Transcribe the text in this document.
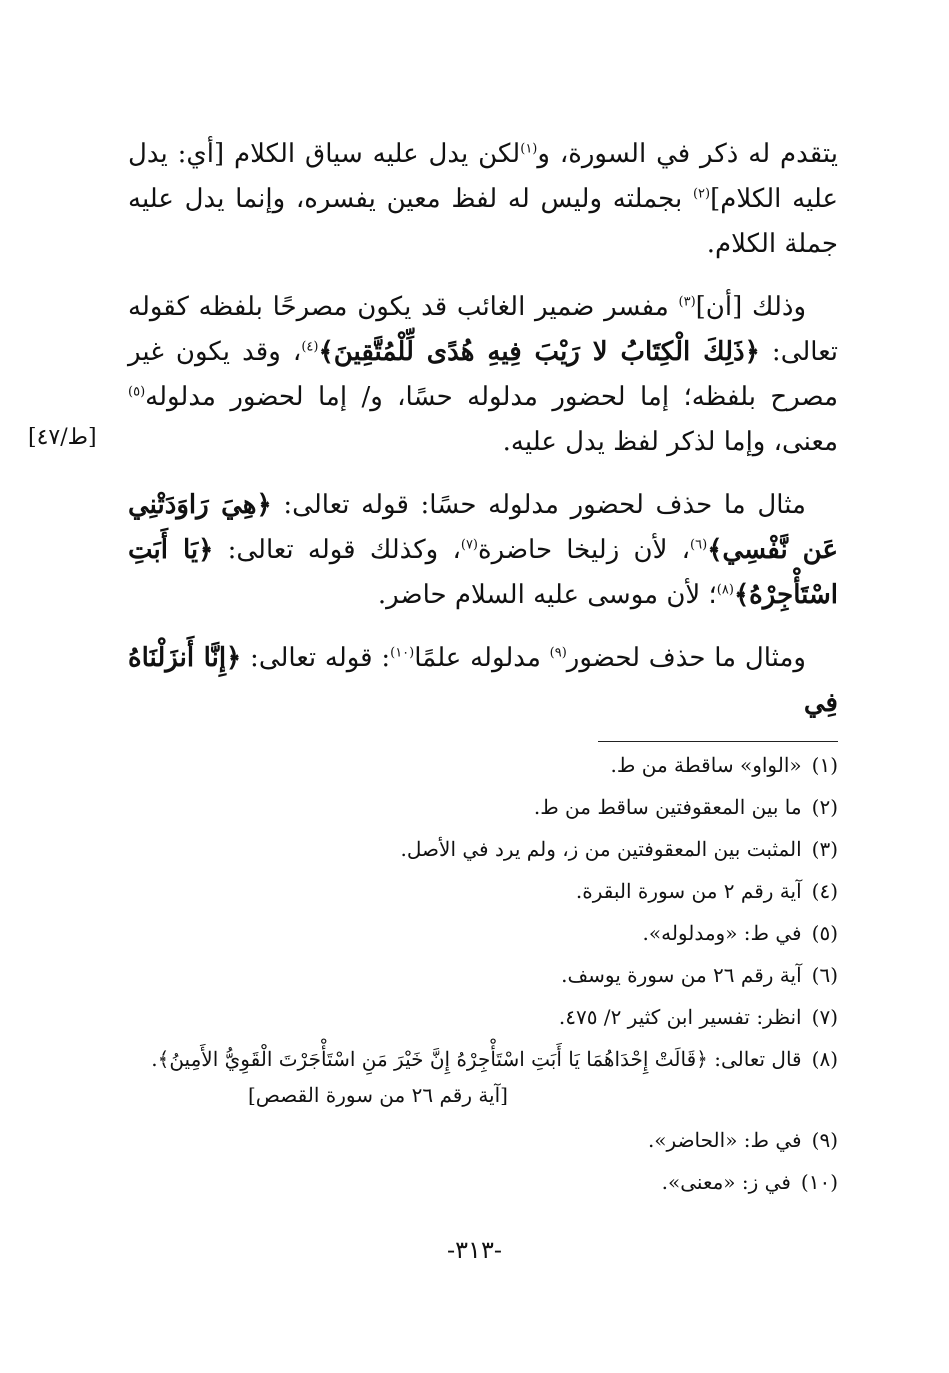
يتقدم له ذكر في السورة، و$^{(١)}$لكن يدل عليه سياق الكلام [أي: يدل عليه الكلام]$^{(٢)}$ بجملته وليس له لفظ معين يفسره، وإنما يدل عليه جملة الكلام.

وذلك [أن]$^{(٣)}$ مفسر ضمير الغائب قد يكون مصرحًا بلفظه كقوله تعالى: ﴿ذَلِكَ الْكِتَابُ لا رَيْبَ فِيهِ هُدًى لِّلْمُتَّقِينَ﴾$^{(٤)}$، وقد يكون غير مصرح بلفظه؛ إما لحضور مدلوله حسًا، و/ إما لحضور مدلوله$^{(٥)}$ معنى، وإما لذكر لفظ يدل عليه.

مثال ما حذف لحضور مدلوله حسًا: قوله تعالى: ﴿هِيَ رَاوَدَتْنِي عَن نَّفْسِي﴾$^{(٦)}$، لأن زليخا حاضرة$^{(٧)}$، وكذلك قوله تعالى: ﴿يَا أَبَتِ اسْتَأْجِرْهُ﴾$^{(٨)}$؛ لأن موسى عليه السلام حاضر.

ومثال ما حذف لحضور$^{(٩)}$ مدلوله علمًا$^{(١٠)}$: قوله تعالى: ﴿إِنَّا أَنزَلْنَاهُ فِي

[ط/٤٧]
(١)«الواو» ساقطة من ط.
(٢)ما بين المعقوفتين ساقط من ط.
(٣)المثبت بين المعقوفتين من ز، ولم يرد في الأصل.
(٤)آية رقم ٢ من سورة البقرة.
(٥)في ط: «ومدلوله».
(٦)آية رقم ٢٦ من سورة يوسف.
(٧)انظر: تفسير ابن كثير ٢/ ٤٧٥.
(٨)قال تعالى: ﴿قَالَتْ إِحْدَاهُمَا يَا أَبَتِ اسْتَأْجِرْهُ إِنَّ خَيْرَ مَنِ اسْتَأْجَرْتَ الْقَوِيُّ الأَمِينُ﴾.
[آية رقم ٢٦ من سورة القصص]
(٩)في ط: «الحاضر».
(١٠)في ز: «معنى».
-٣١٣-
